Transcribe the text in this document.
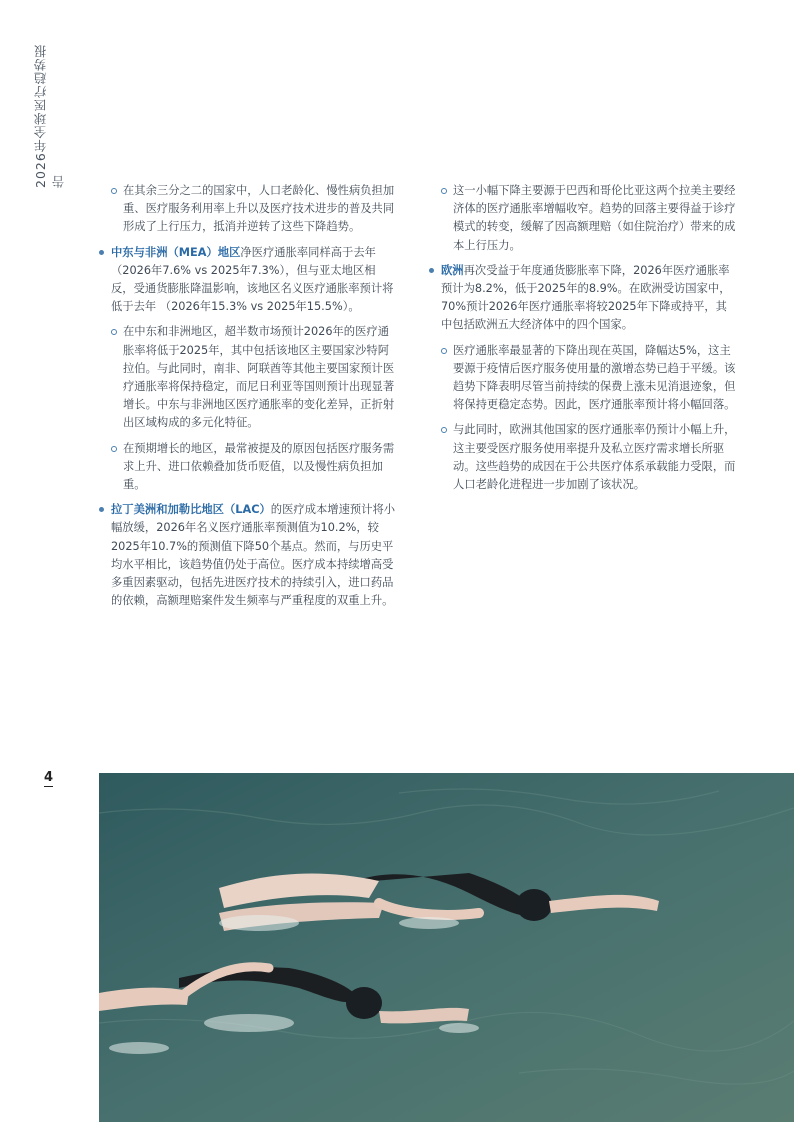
2026年全球医疗趋势报告
在其余三分之二的国家中，人口老龄化、慢性病负担加重、医疗服务利用率上升以及医疗技术进步的普及共同形成了上行压力，抵消并逆转了这些下降趋势。
中东与非洲（MEA）地区净医疗通胀率同样高于去年（2026年7.6% vs 2025年7.3%），但与亚太地区相反，受通货膨胀降温影响，该地区名义医疗通胀率预计将低于去年 （2026年15.3% vs 2025年15.5%）。
在中东和非洲地区，超半数市场预计2026年的医疗通胀率将低于2025年，其中包括该地区主要国家沙特阿拉伯。与此同时，南非、阿联酋等其他主要国家预计医疗通胀率将保持稳定，而尼日利亚等国则预计出现显著增长。中东与非洲地区医疗通胀率的变化差异，正折射出区域构成的多元化特征。
在预期增长的地区，最常被提及的原因包括医疗服务需求上升、进口依赖叠加货币贬值，以及慢性病负担加重。
拉丁美洲和加勒比地区（LAC）的医疗成本增速预计将小幅放缓，2026年名义医疗通胀率预测值为10.2%，较2025年10.7%的预测值下降50个基点。然而，与历史平均水平相比，该趋势值仍处于高位。医疗成本持续增高受多重因素驱动，包括先进医疗技术的持续引入，进口药品的依赖，高额理赔案件发生频率与严重程度的双重上升。
这一小幅下降主要源于巴西和哥伦比亚这两个拉美主要经济体的医疗通胀率增幅收窄。趋势的回落主要得益于诊疗模式的转变，缓解了因高额理赔（如住院治疗）带来的成本上行压力。
欧洲再次受益于年度通货膨胀率下降，2026年医疗通胀率预计为8.2%，低于2025年的8.9%。在欧洲受访国家中，70%预计2026年医疗通胀率将较2025年下降或持平，其中包括欧洲五大经济体中的四个国家。
医疗通胀率最显著的下降出现在英国，降幅达5%，这主要源于疫情后医疗服务使用量的激增态势已趋于平缓。该趋势下降表明尽管当前持续的保费上涨未见消退迹象，但将保持更稳定态势。因此，医疗通胀率预计将小幅回落。
与此同时，欧洲其他国家的医疗通胀率仍预计小幅上升，这主要受医疗服务使用率提升及私立医疗需求增长所驱动。这些趋势的成因在于公共医疗体系承载能力受限，而人口老龄化进程进一步加剧了该状况。
4
